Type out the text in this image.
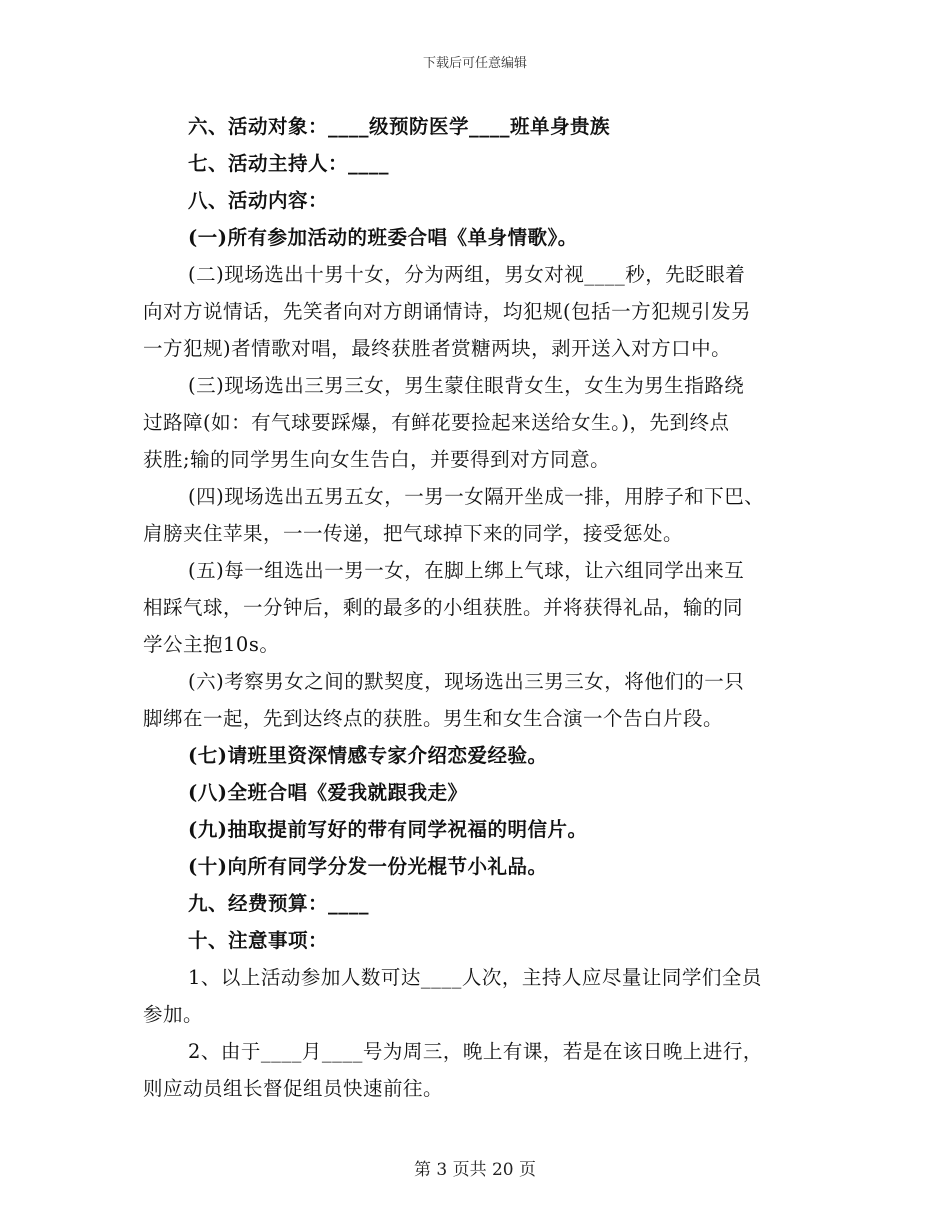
下载后可任意编辑
六、活动对象：____级预防医学____班单身贵族
七、活动主持人：____
八、活动内容：
(一)所有参加活动的班委合唱《单身情歌》。
(二)现场选出十男十女，分为两组，男女对视____秒，先眨眼着
向对方说情话，先笑者向对方朗诵情诗，均犯规(包括一方犯规引发另
一方犯规)者情歌对唱，最终获胜者赏糖两块，剥开送入对方口中。
(三)现场选出三男三女，男生蒙住眼背女生，女生为男生指路绕
过路障(如：有气球要踩爆，有鲜花要捡起来送给女生。)，先到终点
获胜;输的同学男生向女生告白，并要得到对方同意。
(四)现场选出五男五女，一男一女隔开坐成一排，用脖子和下巴、
肩膀夹住苹果，一一传递，把气球掉下来的同学，接受惩处。
(五)每一组选出一男一女，在脚上绑上气球，让六组同学出来互
相踩气球，一分钟后，剩的最多的小组获胜。并将获得礼品，输的同
学公主抱10s。
(六)考察男女之间的默契度，现场选出三男三女，将他们的一只
脚绑在一起，先到达终点的获胜。男生和女生合演一个告白片段。
(七)请班里资深情感专家介绍恋爱经验。
(八)全班合唱《爱我就跟我走》
(九)抽取提前写好的带有同学祝福的明信片。
(十)向所有同学分发一份光棍节小礼品。
九、经费预算：____
十、注意事项：
1、以上活动参加人数可达____人次，主持人应尽量让同学们全员
参加。
2、由于____月____号为周三，晚上有课，若是在该日晚上进行，
则应动员组长督促组员快速前往。
第 3 页共 20 页
